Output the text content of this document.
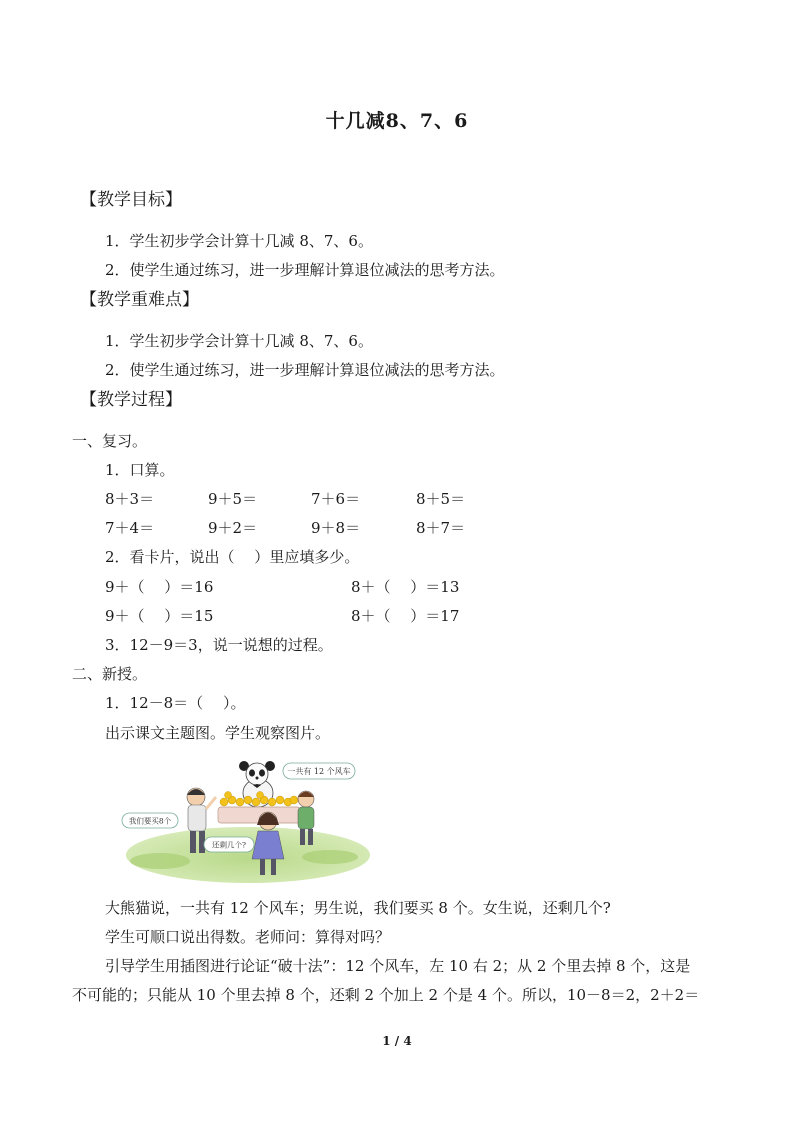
十几减8、7、6
【教学目标】
1．学生初步学会计算十几减 8、7、6。
2．使学生通过练习，进一步理解计算退位减法的思考方法。
【教学重难点】
1．学生初步学会计算十几减 8、7、6。
2．使学生通过练习，进一步理解计算退位减法的思考方法。
【教学过程】
一、复习。
1．口算。
8＋3＝	9＋5＝	7＋6＝	8＋5＝
7＋4＝	9＋2＝	9＋8＝	8＋7＝
2．看卡片，说出（　 ）里应填多少。
9＋（　 ）＝16	8＋（　 ）＝13
9＋（　 ）＝15	8＋（　 ）＝17
3．12－9＝3，说一说想的过程。
二、新授。
1．12－8＝（　 ）。
出示课文主题图。学生观察图片。
一共有 12 个风车
我们要买8个
还剩几个?
大熊猫说，一共有 12 个风车；男生说，我们要买 8 个。女生说，还剩几个?
学生可顺口说出得数。老师问：算得对吗？
引导学生用插图进行论证“破十法”：12 个风车，左 10 右 2；从 2 个里去掉 8 个，这是
不可能的；只能从 10 个里去掉 8 个，还剩 2 个加上 2 个是 4 个。所以，10－8＝2，2＋2＝
1 / 4
